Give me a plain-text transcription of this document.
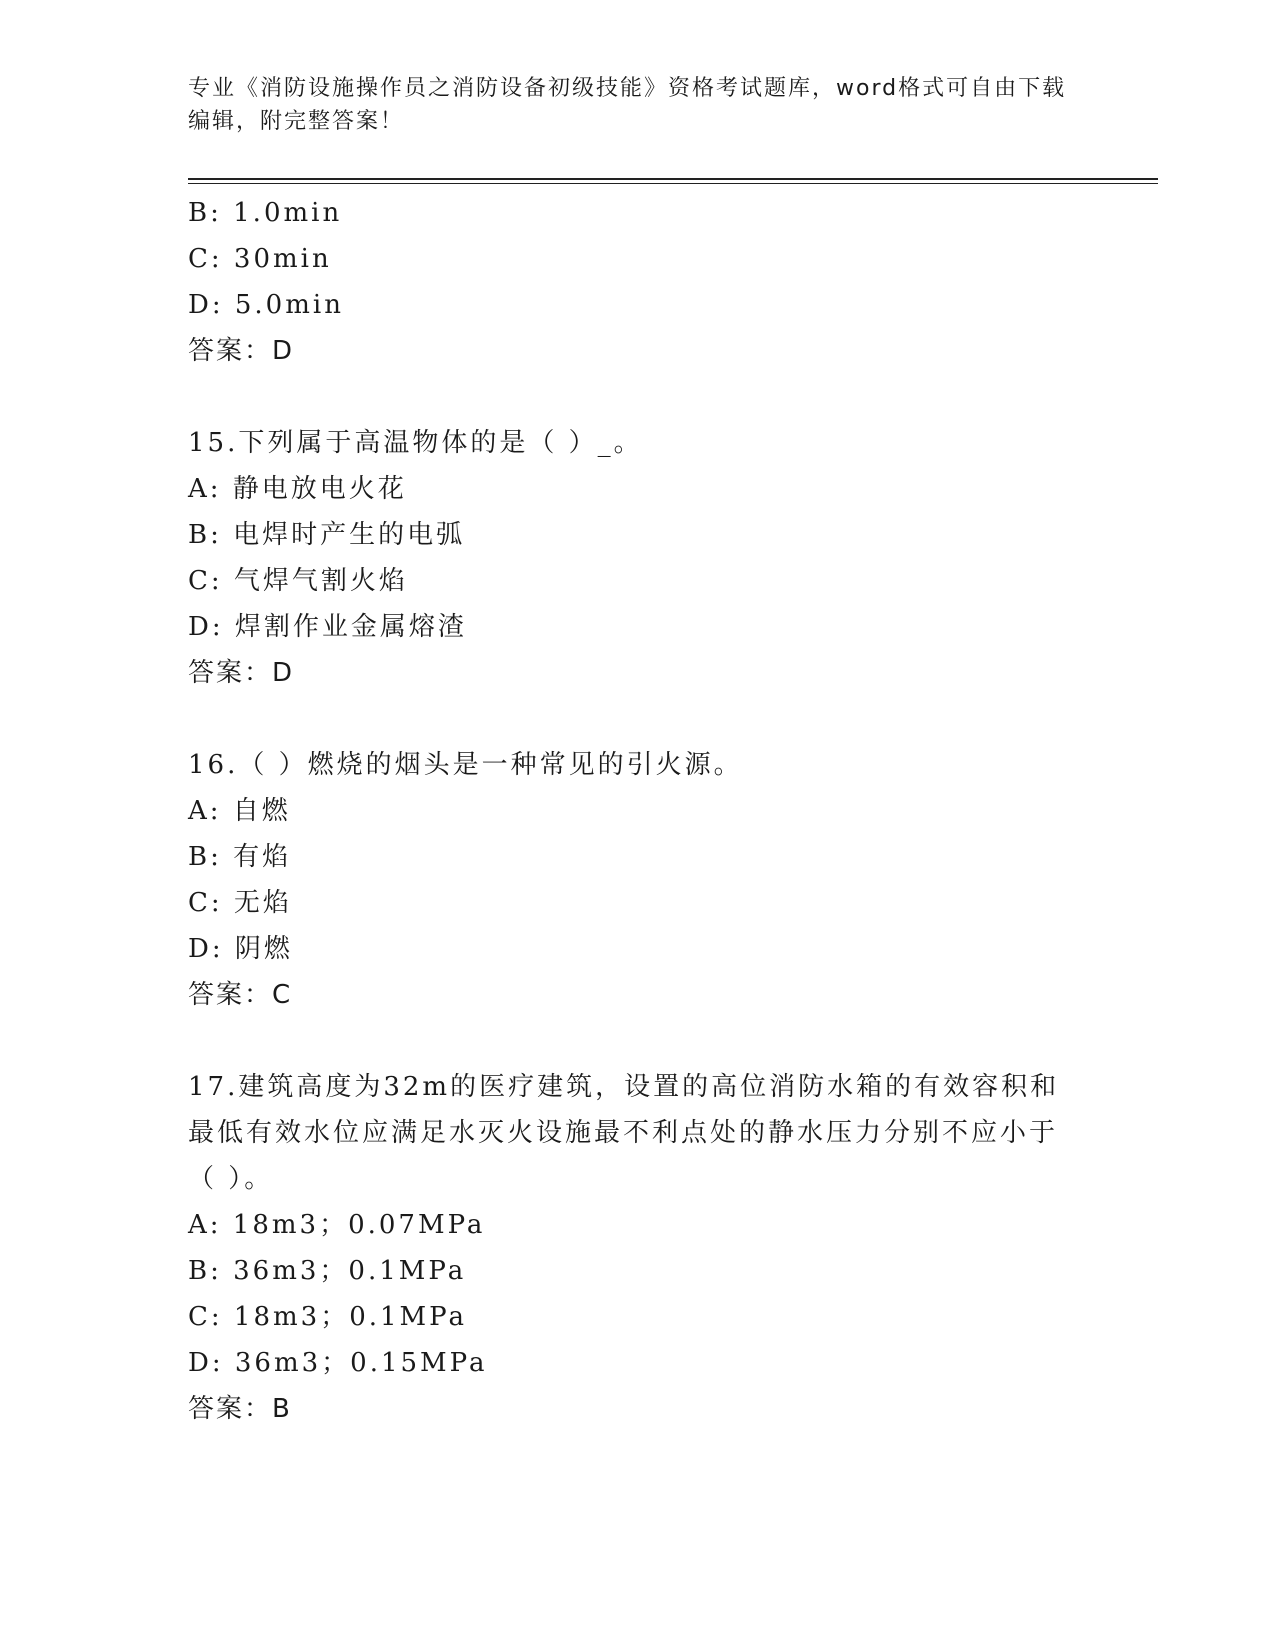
专业《消防设施操作员之消防设备初级技能》资格考试题库，word格式可自由下载编辑，附完整答案！
B: 1.0min
C: 30min
D: 5.0min
答案：D
15.下列属于高温物体的是（ ）_。
A: 静电放电火花
B: 电焊时产生的电弧
C: 气焊气割火焰
D: 焊割作业金属熔渣
答案：D
16.（ ）燃烧的烟头是一种常见的引火源。
A: 自燃
B: 有焰
C: 无焰
D: 阴燃
答案：C
17.建筑高度为32m的医疗建筑，设置的高位消防水箱的有效容积和最低有效水位应满足水灭火设施最不利点处的静水压力分别不应小于（ ）。
A: 18m3；0.07MPa
B: 36m3；0.1MPa
C: 18m3；0.1MPa
D: 36m3；0.15MPa
答案：B
